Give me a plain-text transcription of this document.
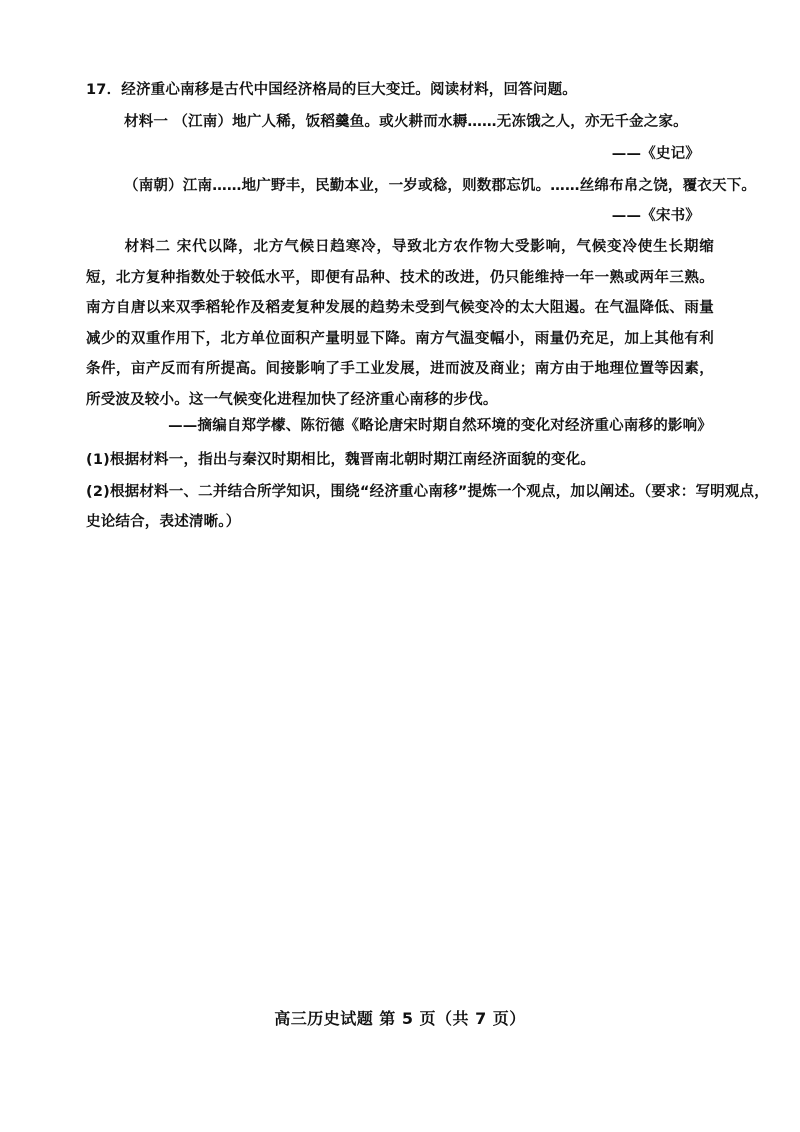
17．经济重心南移是古代中国经济格局的巨大变迁。阅读材料，回答问题。
材料一 （江南）地广人稀，饭稻羹鱼。或火耕而水耨……无冻饿之人，亦无千金之家。
——《史记》
（南朝）江南……地广野丰，民勤本业，一岁或稔，则数郡忘饥。……丝绵布帛之饶，覆衣天下。
——《宋书》
材料二 宋代以降，北方气候日趋寒冷，导致北方农作物大受影响，气候变冷使生长期缩短，北方复种指数处于较低水平，即便有品种、技术的改进，仍只能维持一年一熟或两年三熟。南方自唐以来双季稻轮作及稻麦复种发展的趋势未受到气候变冷的太大阻遏。在气温降低、雨量减少的双重作用下，北方单位面积产量明显下降。南方气温变幅小，雨量仍充足，加上其他有利条件，亩产反而有所提高。间接影响了手工业发展，进而波及商业；南方由于地理位置等因素，所受波及较小。这一气候变化进程加快了经济重心南移的步伐。
——摘编自郑学檬、陈衍德《略论唐宋时期自然环境的变化对经济重心南移的影响》
(1)根据材料一，指出与秦汉时期相比，魏晋南北朝时期江南经济面貌的变化。
(2)根据材料一、二并结合所学知识，围绕“经济重心南移”提炼一个观点，加以阐述。（要求：写明观点，
史论结合，表述清晰。）
高三历史试题 第 5 页（共 7 页）
